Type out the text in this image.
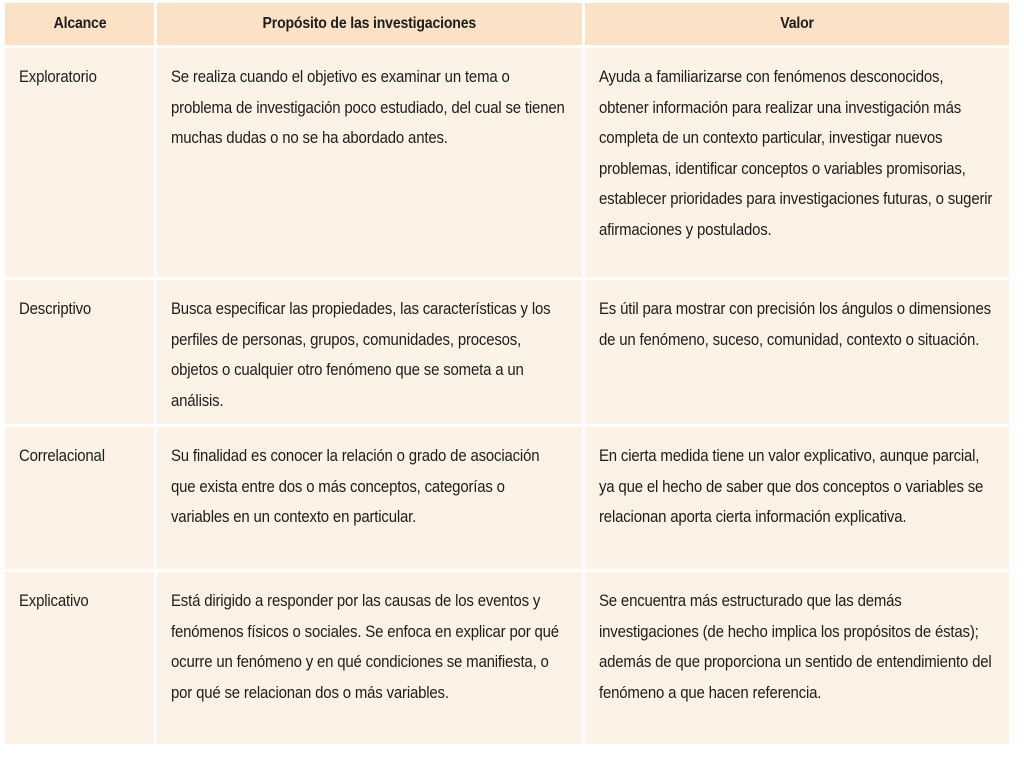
Alcance	Propósito de las investigaciones	Valor

Exploratorio	Se realiza cuando el objetivo es examinar un tema o problema de investigación poco estudiado, del cual se tienen muchas dudas o no se ha abordado antes.	Ayuda a familiarizarse con fenómenos desconocidos, obtener información para realizar una investigación más completa de un contexto particular, investigar nuevos problemas, identificar conceptos o variables promisorias, establecer prioridades para investigaciones futuras, o sugerir afirmaciones y postulados.

Descriptivo	Busca especificar las propiedades, las características y los perfiles de personas, grupos, comunidades, procesos, objetos o cualquier otro fenómeno que se someta a un análisis.	Es útil para mostrar con precisión los ángulos o dimensiones de un fenómeno, suceso, comunidad, contexto o situación.

Correlacional	Su finalidad es conocer la relación o grado de asociación que exista entre dos o más conceptos, categorías o variables en un contexto en particular.	En cierta medida tiene un valor explicativo, aunque parcial, ya que el hecho de saber que dos conceptos o variables se relacionan aporta cierta información explicativa.

Explicativo	Está dirigido a responder por las causas de los eventos y fenómenos físicos o sociales. Se enfoca en explicar por qué ocurre un fenómeno y en qué condiciones se manifiesta, o por qué se relacionan dos o más variables.	Se encuentra más estructurado que las demás investigaciones (de hecho implica los propósitos de éstas); además de que proporciona un sentido de entendimiento del fenómeno a que hacen referencia.
